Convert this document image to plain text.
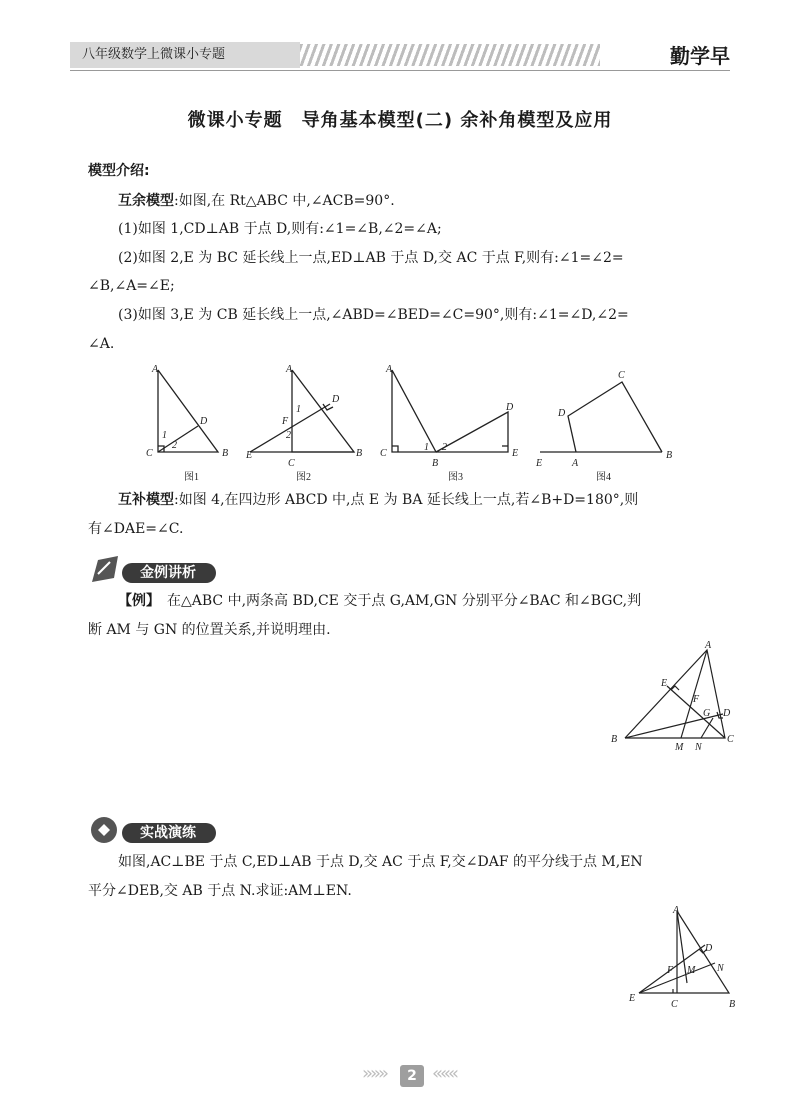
八年级数学上微课小专题	勤学早
微课小专题　导角基本模型(二) 余补角模型及应用
模型介绍:
互余模型:如图,在 Rt△ABC 中,∠ACB=90°.
(1)如图 1,CD⊥AB 于点 D,则有:∠1=∠B,∠2=∠A;
(2)如图 2,E 为 BC 延长线上一点,ED⊥AB 于点 D,交 AC 于点 F,则有:∠1=∠2=
∠B,∠A=∠E;
(3)如图 3,E 为 CB 延长线上一点,∠ABD=∠BED=∠C=90°,则有:∠1=∠D,∠2=
∠A.
A
C	B
D
1
2
图1
A
E
C
B
D
F
1
2
图2
A
C
B
E
D
1 2
图3
E	A
B
D
C
图4
互补模型:如图 4,在四边形 ABCD 中,点 E 为 BA 延长线上一点,若∠B+D=180°,则
有∠DAE=∠C.
金例讲析
【例】　在△ABC 中,两条高 BD,CE 交于点 G,AM,GN 分别平分∠BAC 和∠BGC,判
断 AM 与 GN 的位置关系,并说明理由.
A
B	C
D
E
F
G
M N
实战演练
如图,AC⊥BE 于点 C,ED⊥AB 于点 D,交 AC 于点 F,交∠DAF 的平分线于点 M,EN
平分∠DEB,交 AB 于点 N.求证:AM⊥EN.
A
E
C	B
D
F M N
»»»	2 «««
